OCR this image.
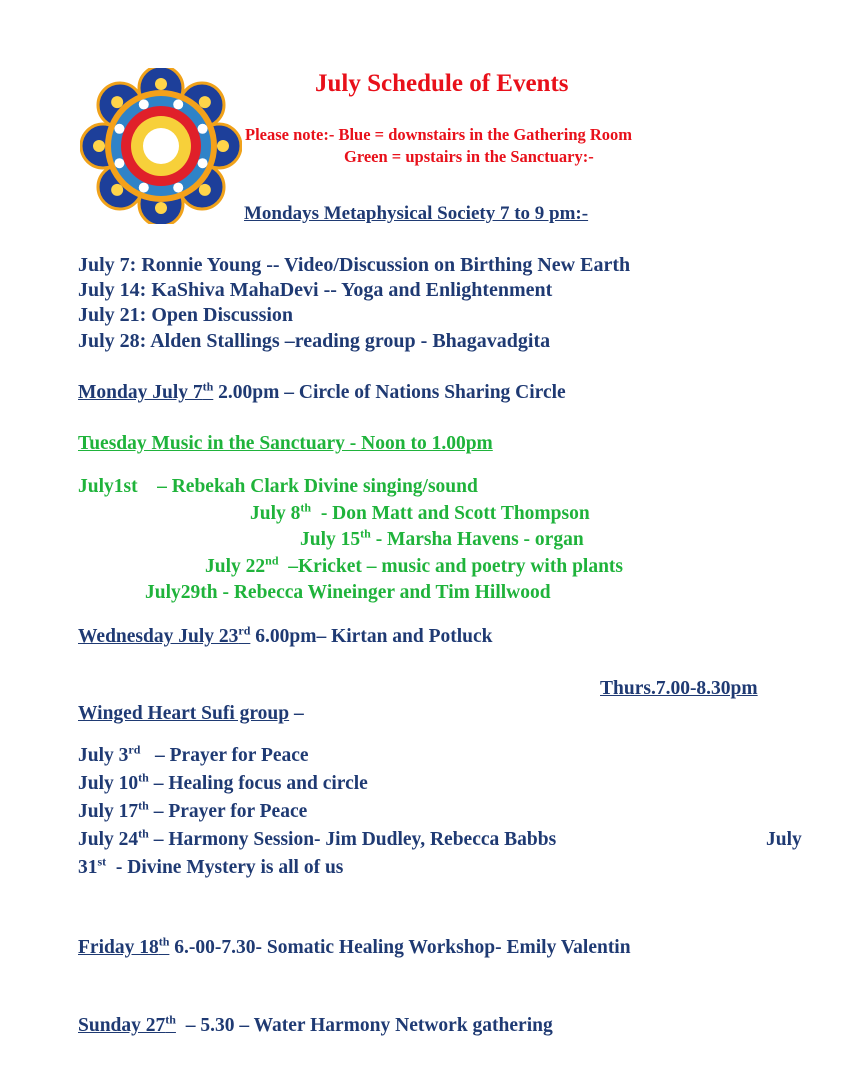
July Schedule of Events
Please note:- Blue = downstairs in the Gathering Room
Green = upstairs in the Sanctuary:-
Mondays Metaphysical Society 7 to 9 pm:-
July 7: Ronnie Young -- Video/Discussion on Birthing New Earth
July 14: KaShiva MahaDevi -- Yoga and Enlightenment
July 21: Open Discussion
July 28: Alden Stallings –reading group - Bhagavadgita
Monday July 7th 2.00pm – Circle of Nations Sharing Circle
Tuesday Music in the Sanctuary - Noon to 1.00pm
July1st    – Rebekah Clark Divine singing/sound
July 8th  - Don Matt and Scott Thompson
July 15th - Marsha Havens - organ
July 22nd  –Kricket – music and poetry with plants
July29th - Rebecca Wineinger and Tim Hillwood
Wednesday July 23rd 6.00pm– Kirtan and Potluck
Thurs.7.00-8.30pm
Winged Heart Sufi group –
July 3rd   – Prayer for Peace
July 10th – Healing focus and circle
July 17th – Prayer for Peace
July 24th – Harmony Session- Jim Dudley, Rebecca Babbs	July
31st  - Divine Mystery is all of us
Friday 18th 6.-00-7.30- Somatic Healing Workshop- Emily Valentin
Sunday 27th  – 5.30 – Water Harmony Network gathering
